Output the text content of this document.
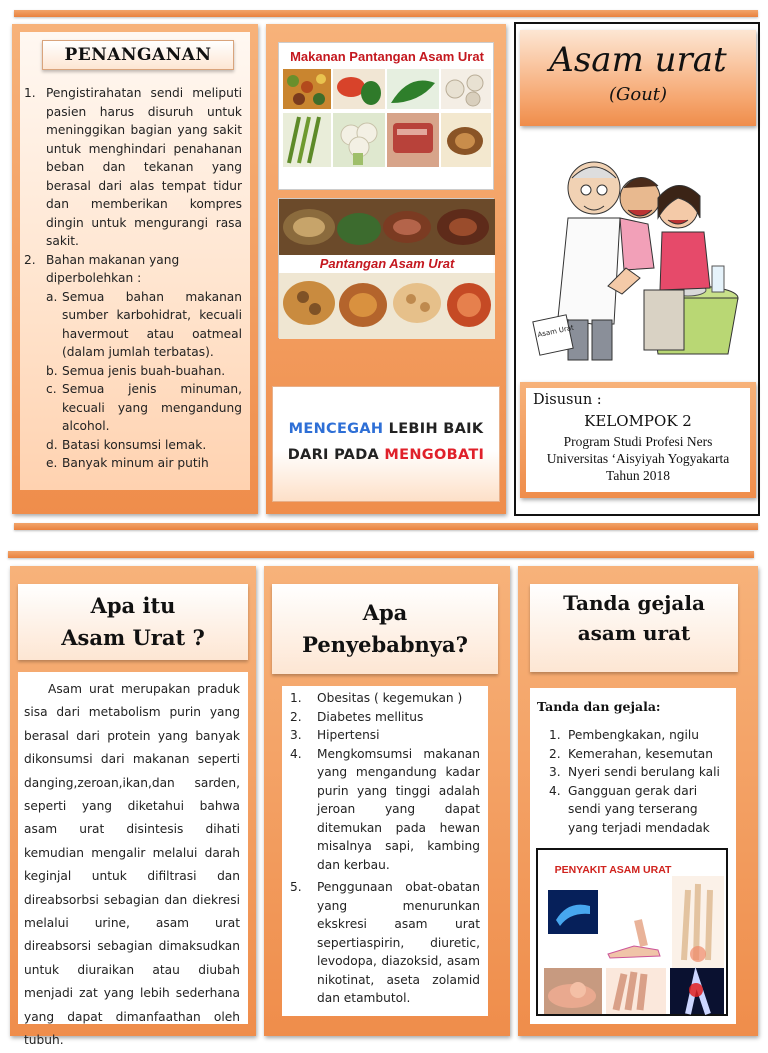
PENANGANAN
1. Pengistirahatan sendi meliputi pasien harus disuruh untuk meninggikan bagian yang sakit untuk menghindari penahanan beban dan tekanan yang berasal dari alas tempat tidur dan memberikan kompres dingin untuk mengurangi rasa sakit.
2. Bahan makanan yang diperbolehkan :
a. Semua bahan makanan sumber karbohidrat, kecuali havermout atau oatmeal (dalam jumlah terbatas).
b. Semua jenis buah-buahan.
c. Semua jenis minuman, kecuali yang mengandung alcohol.
d. Batasi konsumsi lemak.
e. Banyak minum air putih
Makanan Pantangan Asam Urat
www.herbalobatpenyakit.com
Pantangan Asam Urat
MENCEGAH LEBIH BAIK
DARI PADA MENGOBATI
Asam urat
(Gout)
Asam Urat
Disusun :
KELOMPOK 2
Program Studi Profesi Ners
Universitas ‘Aisyiyah Yogyakarta
Tahun 2018
Apa itu
Asam Urat ?
Asam urat merupakan praduk sisa dari metabolism purin yang berasal dari protein yang banyak dikonsumsi dari makanan seperti danging,zeroan,ikan,dan sarden, seperti yang diketahui bahwa asam urat disintesis dihati kemudian mengalir melalui darah keginjal untuk difiltrasi dan direabsorbsi sebagian dan diekresi melalui urine, asam urat direabsorsi sebagian dimaksudkan untuk diuraikan atau diubah menjadi zat yang lebih sederhana yang dapat dimanfaathan oleh tubuh.
Apa
Penyebabnya?
1. Obesitas ( kegemukan )
2. Diabetes mellitus
3. Hipertensi
4. Mengkomsumsi makanan yang mengandung kadar purin yang tinggi adalah jeroan yang dapat ditemukan pada hewan misalnya sapi, kambing dan kerbau.
5. Penggunaan obat-obatan yang menurunkan ekskresi asam urat sepertiaspirin, diuretic, levodopa, diazoksid, asam nikotinat, aseta zolamid dan etambutol.
Tanda gejala
asam urat
Tanda dan gejala:
1. Pembengkakan, ngilu
2. Kemerahan, kesemutan
3. Nyeri sendi berulang kali
4. Gangguan gerak dari sendi yang terserang yang terjadi mendadak
PENYAKIT ASAM URAT
